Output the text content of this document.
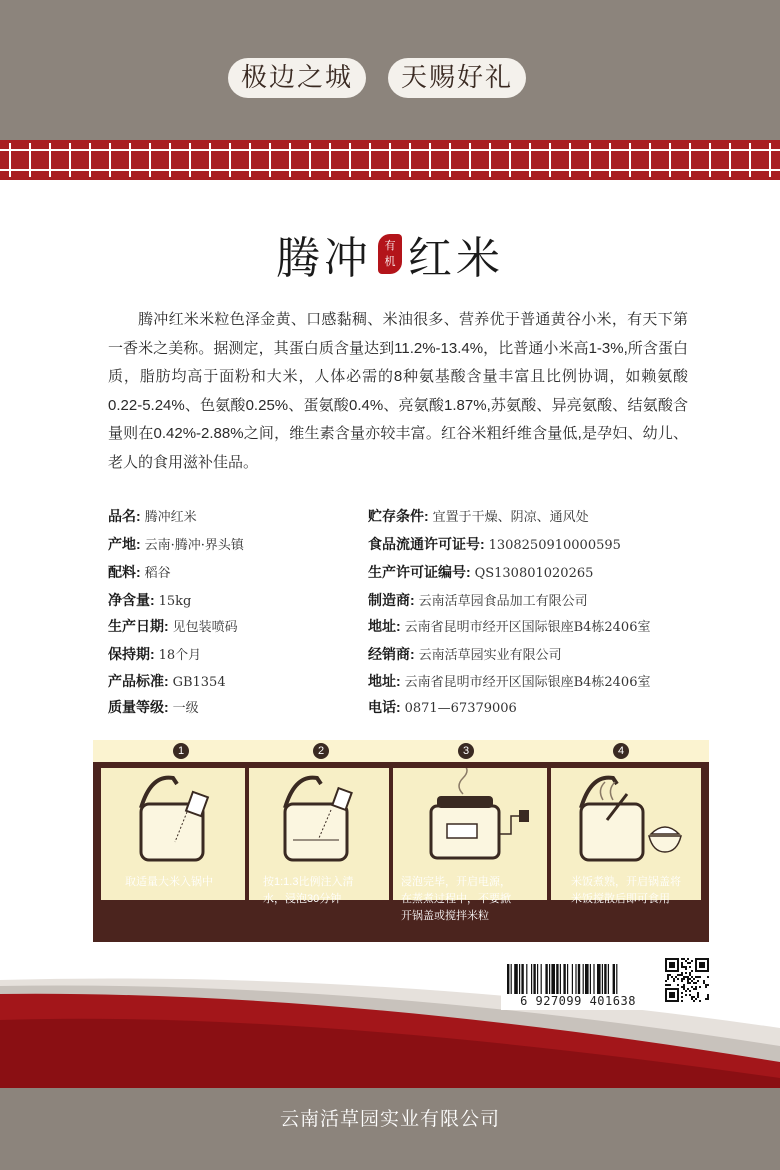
极边之城	天赐好礼
腾冲 有
机 红米
腾冲红米米粒色泽金黄、口感黏稠、米油很多、营养优于普通黄谷小米，有天下第一香米之美称。据测定，其蛋白质含量达到11.2%-13.4%，比普通小米高1-3%,所含蛋白质，脂肪均高于面粉和大米，人体必需的8种氨基酸含量丰富且比例协调，如赖氨酸0.22-5.24%、色氨酸0.25%、蛋氨酸0.4%、亮氨酸1.87%,苏氨酸、异亮氨酸、结氨酸含量则在0.42%-2.88%之间，维生素含量亦较丰富。红谷米粗纤维含量低,是孕妇、幼儿、老人的食用滋补佳品。
品名: 腾冲红米
产地: 云南·腾冲·界头镇
配料: 稻谷
净含量: 15kg
生产日期: 见包装喷码
保持期: 18个月
产品标准: GB1354
质量等级: 一级
贮存条件: 宜置于干燥、阴凉、通风处
食品流通许可证号: 1308250910000595
生产许可证编号: QS130801020265
制造商: 云南活草园食品加工有限公司
地址: 云南省昆明市经开区国际银座B4栋2406室
经销商: 云南活草园实业有限公司
地址: 云南省昆明市经开区国际银座B4栋2406室
电话: 0871—67379006
1	2	3	4
取适量大米入锅中	按1:1.3比例注入清
水，浸泡30分钟
浸泡完毕，开启电源，
在蒸煮过程中，不要掀
开锅盖或搅拌米粒
米饭煮熟，开启锅盖将
米饭搅散后即可食用
6 927099 401638
云南活草园实业有限公司
